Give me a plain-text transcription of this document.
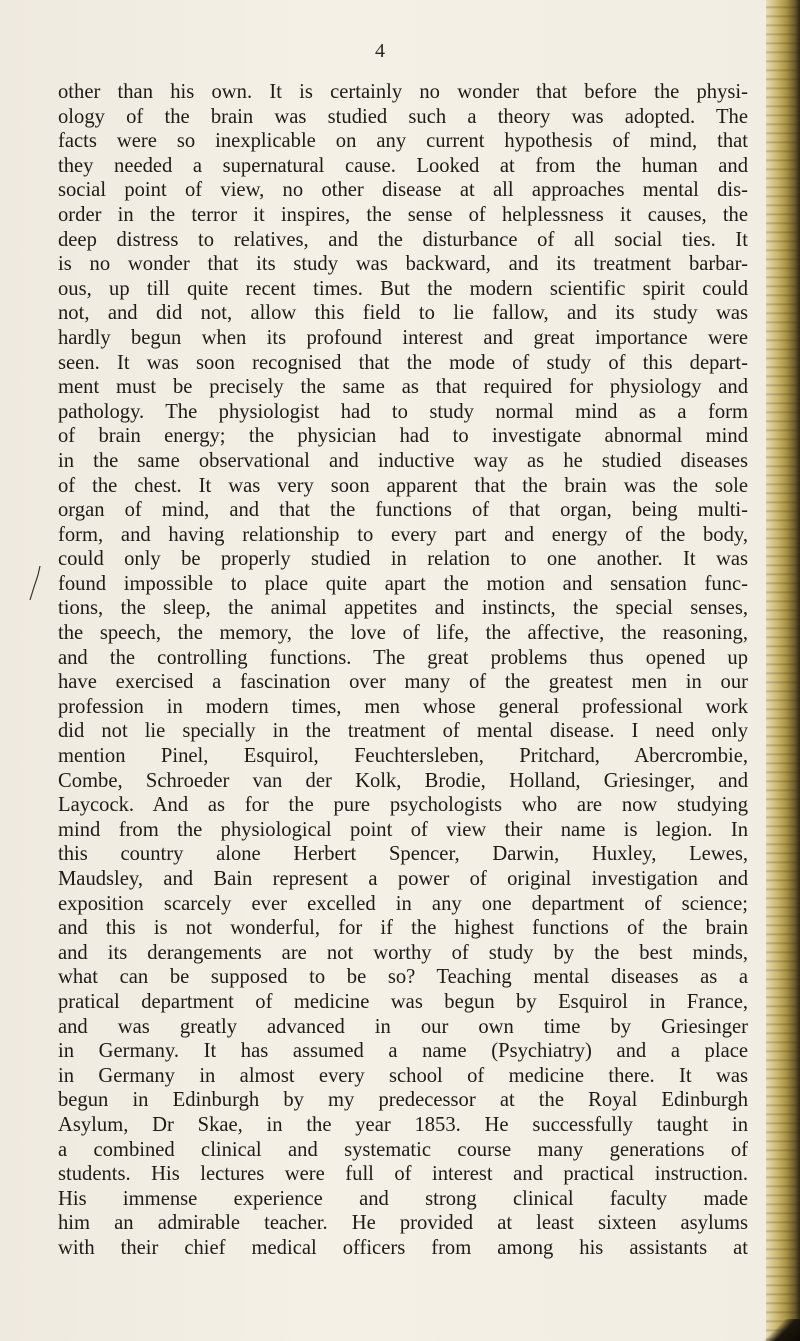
4
other than his own. It is certainly no wonder that before the physi-
ology of the brain was studied such a theory was adopted. The
facts were so inexplicable on any current hypothesis of mind, that
they needed a supernatural cause. Looked at from the human and
social point of view, no other disease at all approaches mental dis-
order in the terror it inspires, the sense of helplessness it causes, the
deep distress to relatives, and the disturbance of all social ties. It
is no wonder that its study was backward, and its treatment barbar-
ous, up till quite recent times. But the modern scientific spirit could
not, and did not, allow this field to lie fallow, and its study was
hardly begun when its profound interest and great importance were
seen. It was soon recognised that the mode of study of this depart-
ment must be precisely the same as that required for physiology and
pathology. The physiologist had to study normal mind as a form
of brain energy; the physician had to investigate abnormal mind
in the same observational and inductive way as he studied diseases
of the chest. It was very soon apparent that the brain was the sole
organ of mind, and that the functions of that organ, being multi-
form, and having relationship to every part and energy of the body,
could only be properly studied in relation to one another. It was
found impossible to place quite apart the motion and sensation func-
tions, the sleep, the animal appetites and instincts, the special senses,
the speech, the memory, the love of life, the affective, the reasoning,
and the controlling functions. The great problems thus opened up
have exercised a fascination over many of the greatest men in our
profession in modern times, men whose general professional work
did not lie specially in the treatment of mental disease. I need only
mention Pinel, Esquirol, Feuchtersleben, Pritchard, Abercrombie,
Combe, Schroeder van der Kolk, Brodie, Holland, Griesinger, and
Laycock. And as for the pure psychologists who are now studying
mind from the physiological point of view their name is legion. In
this country alone Herbert Spencer, Darwin, Huxley, Lewes,
Maudsley, and Bain represent a power of original investigation and
exposition scarcely ever excelled in any one department of science;
and this is not wonderful, for if the highest functions of the brain
and its derangements are not worthy of study by the best minds,
what can be supposed to be so? Teaching mental diseases as a
pratical department of medicine was begun by Esquirol in France,
and was greatly advanced in our own time by Griesinger
in Germany. It has assumed a name (Psychiatry) and a place
in Germany in almost every school of medicine there. It was
begun in Edinburgh by my predecessor at the Royal Edinburgh
Asylum, Dr Skae, in the year 1853. He successfully taught in
a combined clinical and systematic course many generations of
students. His lectures were full of interest and practical instruction.
His immense experience and strong clinical faculty made
him an admirable teacher. He provided at least sixteen asylums
with their chief medical officers from among his assistants at
